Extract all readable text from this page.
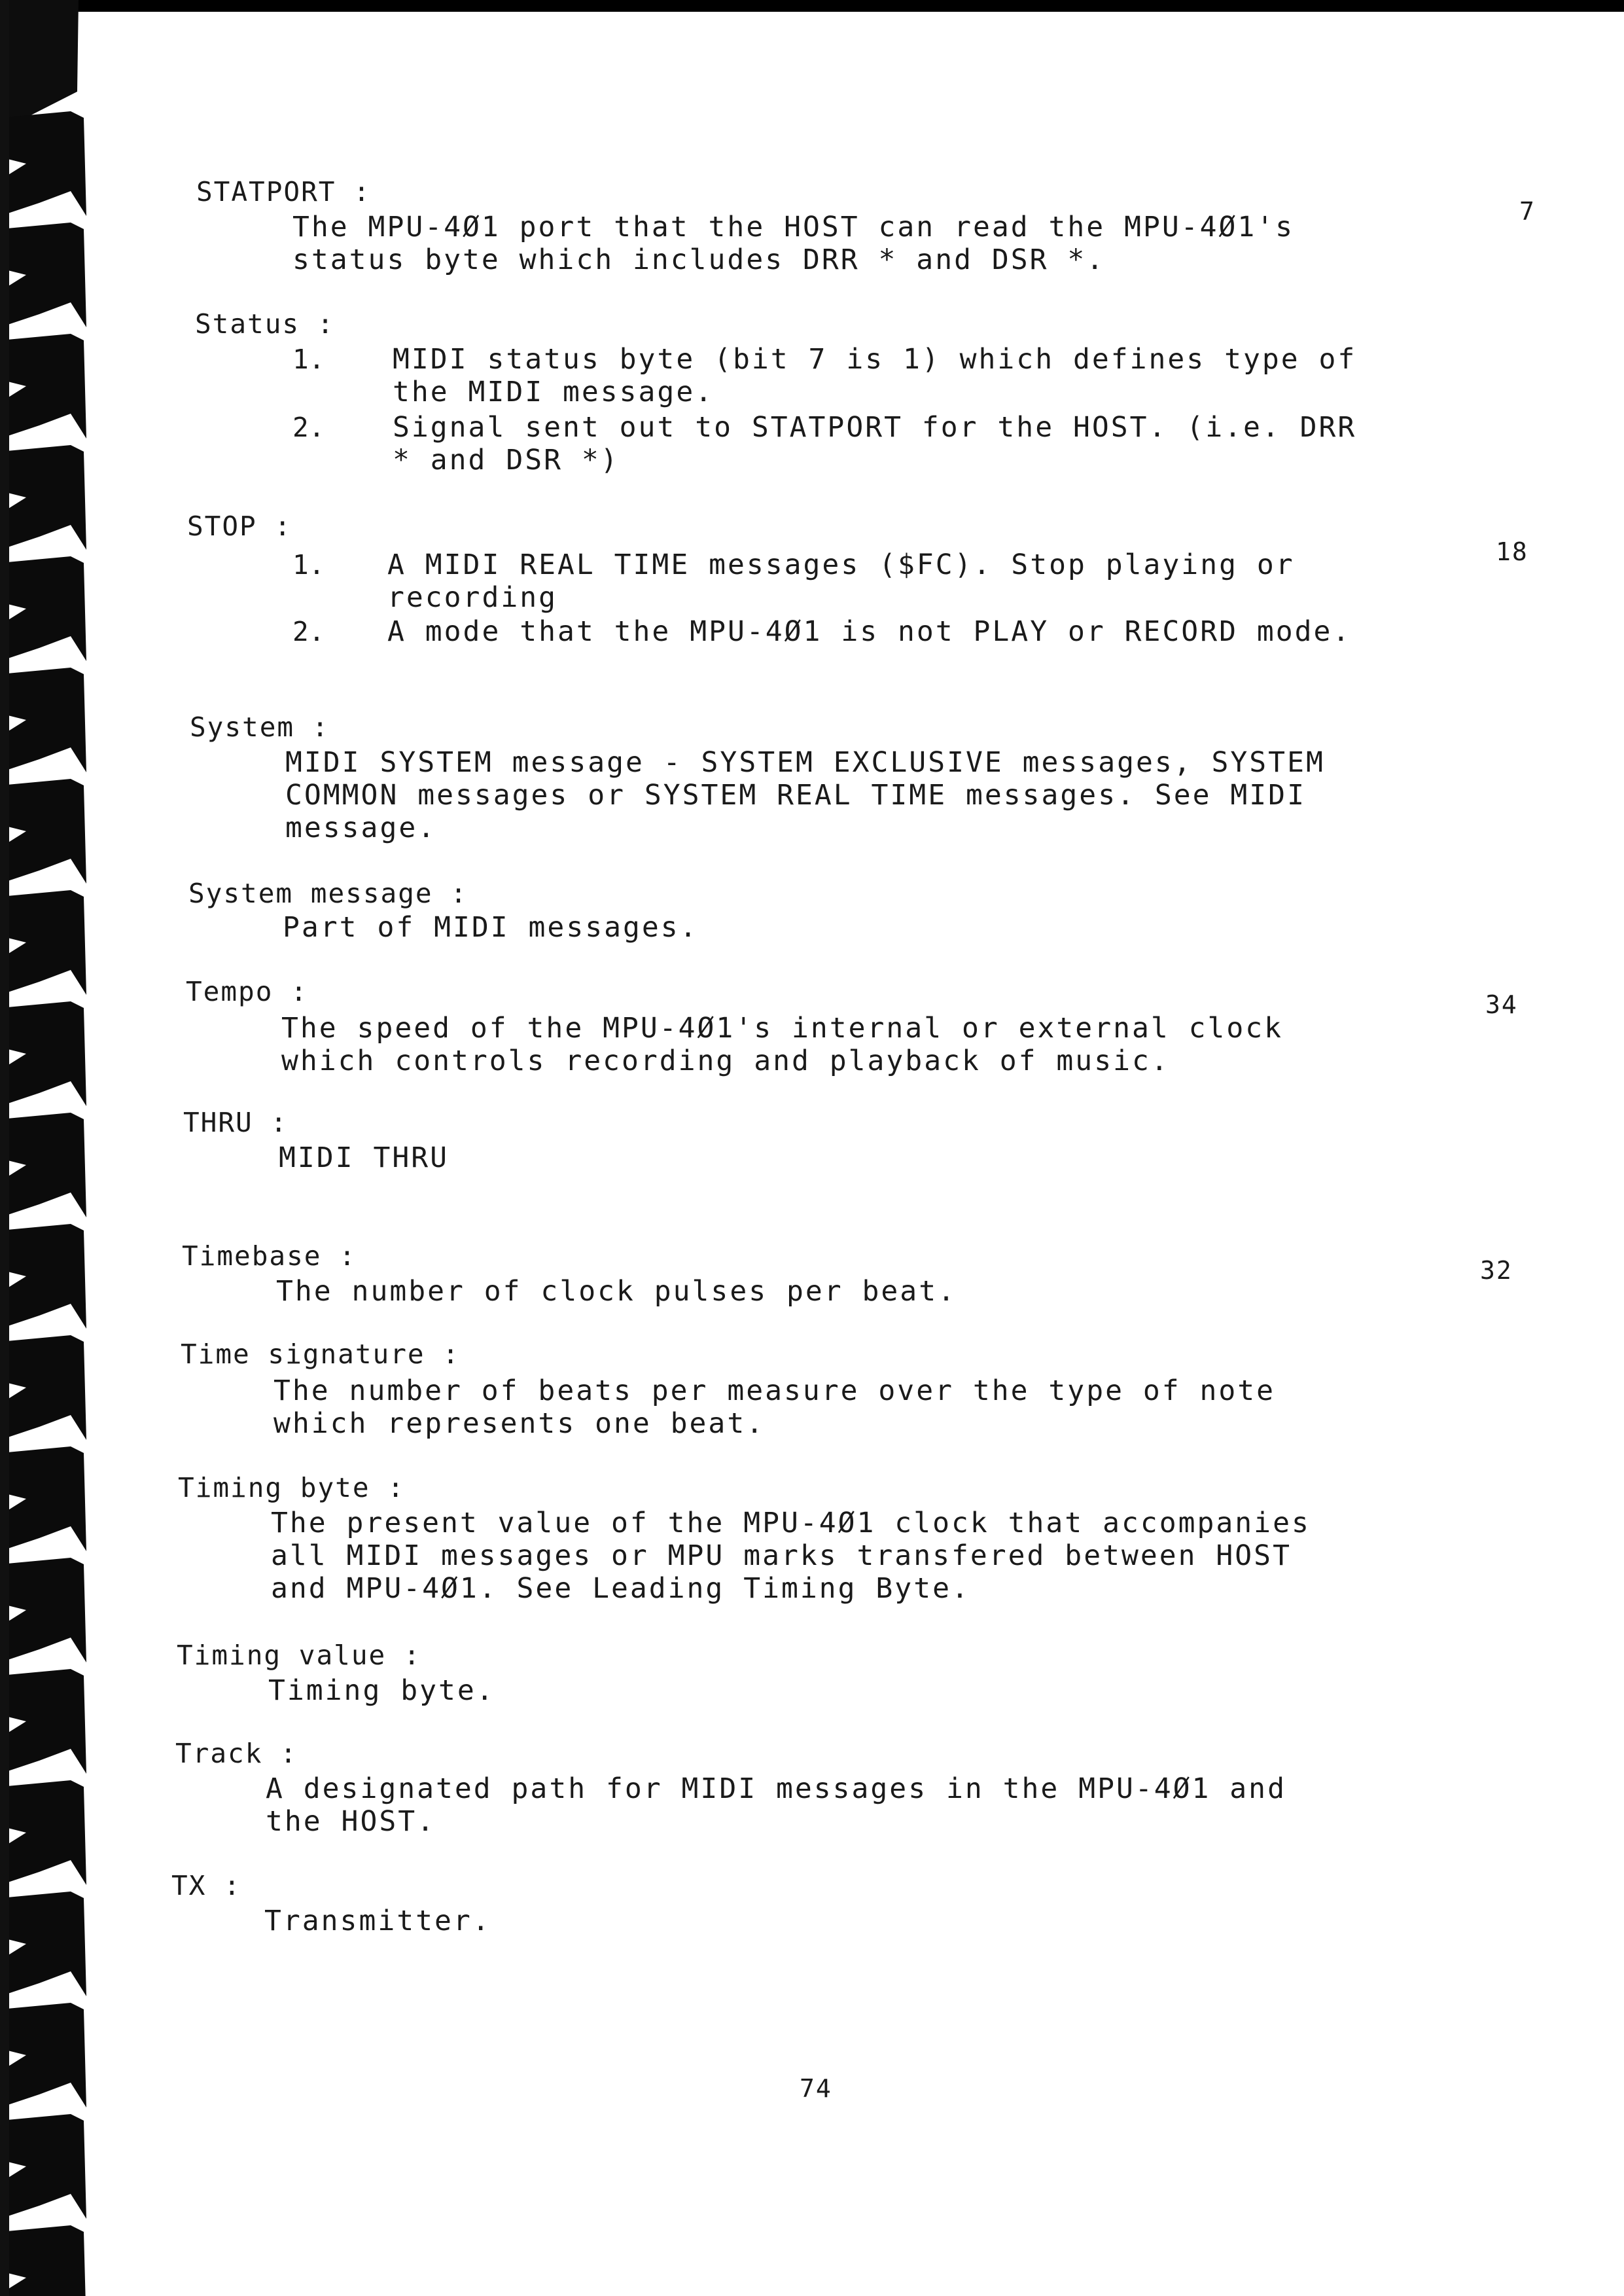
STATPORT :
7
The MPU-4Ø1 port that the HOST can read the MPU-4Ø1's
status byte which includes DRR * and DSR *.
Status :
1. MIDI status byte (bit 7 is 1) which defines type of
the MIDI message.
2. Signal sent out to STATPORT for the HOST. (i.e. DRR
* and DSR *)
STOP :
18
1. A MIDI REAL TIME messages ($FC). Stop playing or
recording
2. A mode that the MPU-4Ø1 is not PLAY or RECORD mode.
System :
MIDI SYSTEM message - SYSTEM EXCLUSIVE messages, SYSTEM
COMMON messages or SYSTEM REAL TIME messages. See MIDI
message.
System message :
Part of MIDI messages.
Tempo :	34
The speed of the MPU-4Ø1's internal or external clock
which controls recording and playback of music.
THRU :
MIDI THRU
Timebase :	32
The number of clock pulses per beat.
Time signature :
The number of beats per measure over the type of note
which represents one beat.
Timing byte :
The present value of the MPU-4Ø1 clock that accompanies
all MIDI messages or MPU marks transfered between HOST
and MPU-4Ø1. See Leading Timing Byte.
Timing value :
Timing byte.
Track :
A designated path for MIDI messages in the MPU-4Ø1 and
the HOST.
TX :
Transmitter.
74
